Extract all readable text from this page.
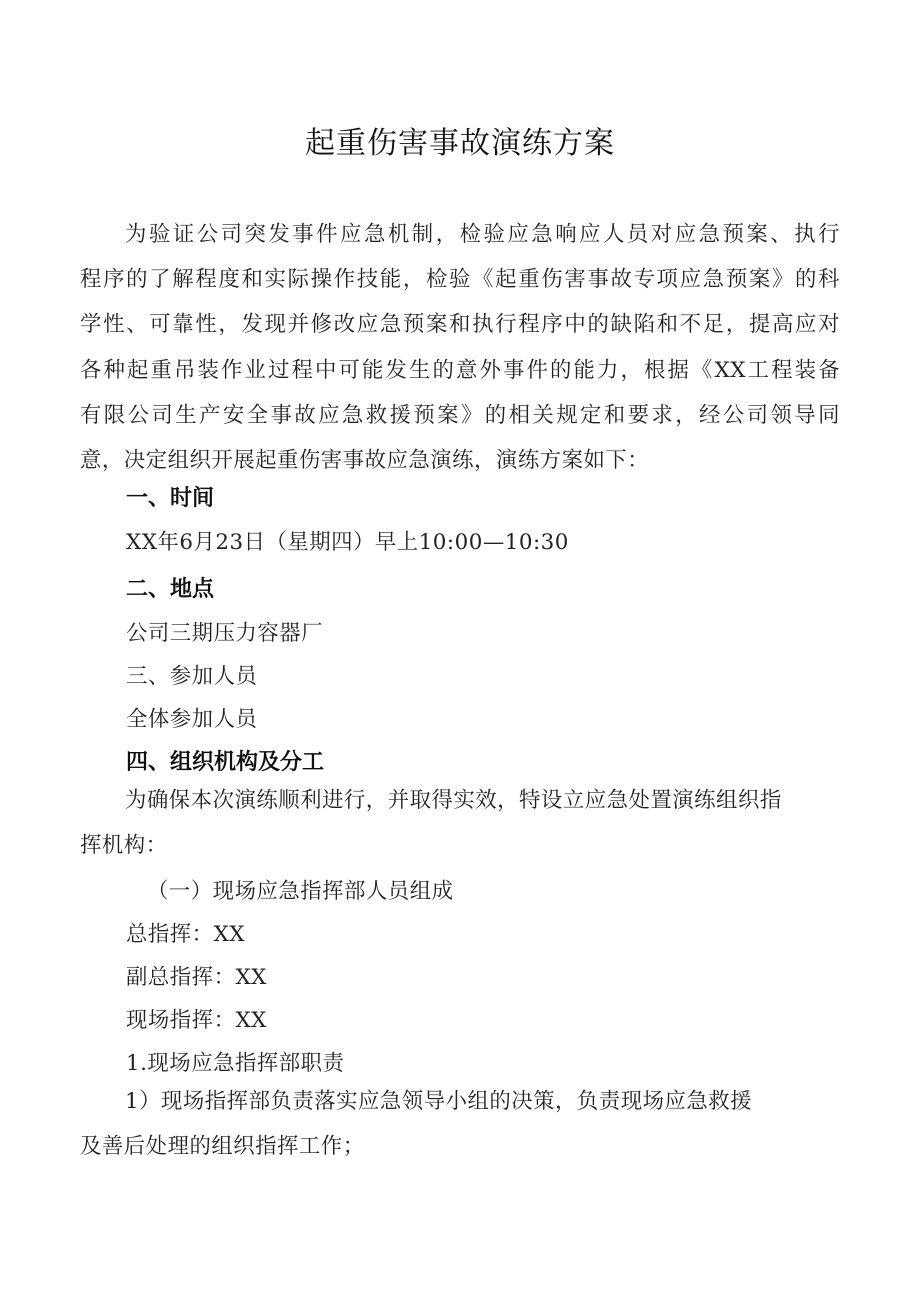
起重伤害事故演练方案

为验证公司突发事件应急机制，检验应急响应人员对应急预案、执行
程序的了解程度和实际操作技能，检验《起重伤害事故专项应急预案》的科
学性、可靠性，发现并修改应急预案和执行程序中的缺陷和不足，提高应对
各种起重吊装作业过程中可能发生的意外事件的能力，根据《XX工程装备
有限公司生产安全事故应急救援预案》的相关规定和要求，经公司领导同
意，决定组织开展起重伤害事故应急演练，演练方案如下：

一、时间

XX年6月23日（星期四）早上10:00—10:30

二、地点

公司三期压力容器厂

三、参加人员

全体参加人员

四、组织机构及分工

为确保本次演练顺利进行，并取得实效，特设立应急处置演练组织指
挥机构：

（一）现场应急指挥部人员组成

总指挥：XX

副总指挥：XX

现场指挥：XX

1.现场应急指挥部职责

1）现场指挥部负责落实应急领导小组的决策，负责现场应急救援
及善后处理的组织指挥工作；
